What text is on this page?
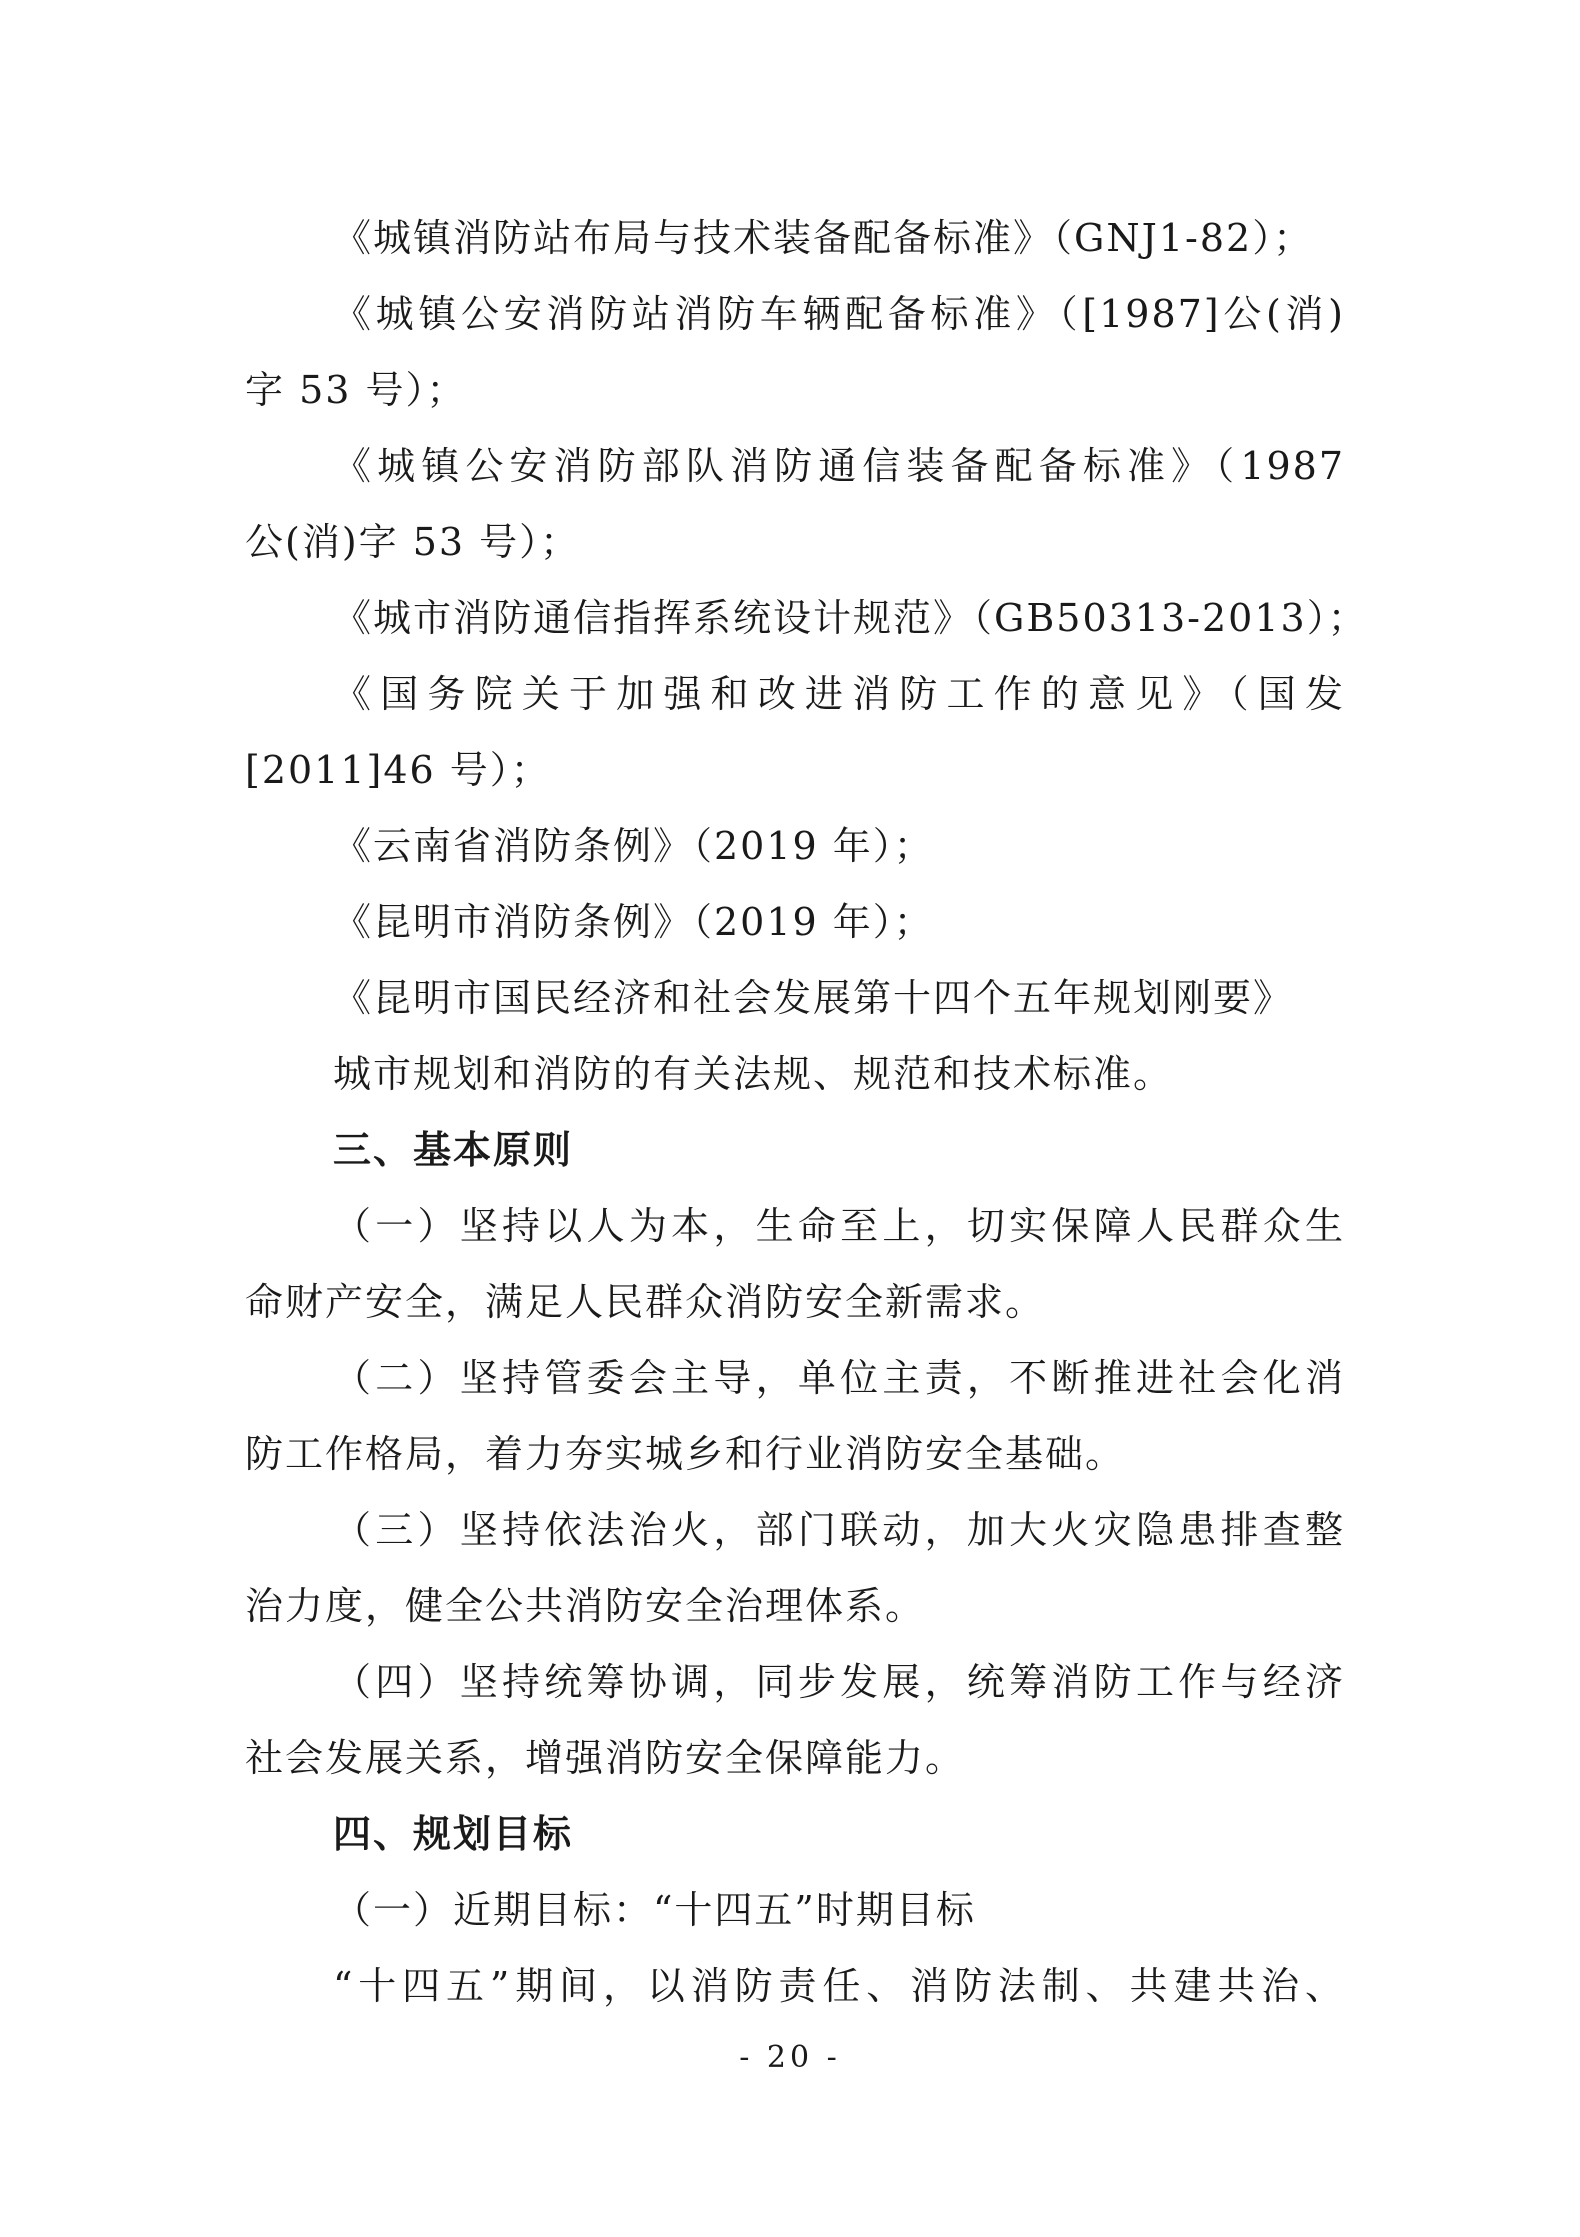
《城镇消防站布局与技术装备配备标准》（GNJ1-82）；
《城镇公安消防站消防车辆配备标准》（[1987]公(消)
字 53 号）；
《城镇公安消防部队消防通信装备配备标准》（1987
公(消)字 53 号）；
《城市消防通信指挥系统设计规范》（GB50313-2013）；
《国务院关于加强和改进消防工作的意见》（国发
[2011]46 号）；
《云南省消防条例》（2019 年）；
《昆明市消防条例》（2019 年）；
《昆明市国民经济和社会发展第十四个五年规划刚要》
城市规划和消防的有关法规、规范和技术标准。
三、基本原则
（一）坚持以人为本，生命至上，切实保障人民群众生
命财产安全，满足人民群众消防安全新需求。
（二）坚持管委会主导，单位主责，不断推进社会化消
防工作格局，着力夯实城乡和行业消防安全基础。
（三）坚持依法治火，部门联动，加大火灾隐患排查整
治力度，健全公共消防安全治理体系。
（四）坚持统筹协调，同步发展，统筹消防工作与经济
社会发展关系，增强消防安全保障能力。
四、规划目标
（一）近期目标：“十四五”时期目标
“十四五”期间，以消防责任、消防法制、共建共治、
- 20 -
